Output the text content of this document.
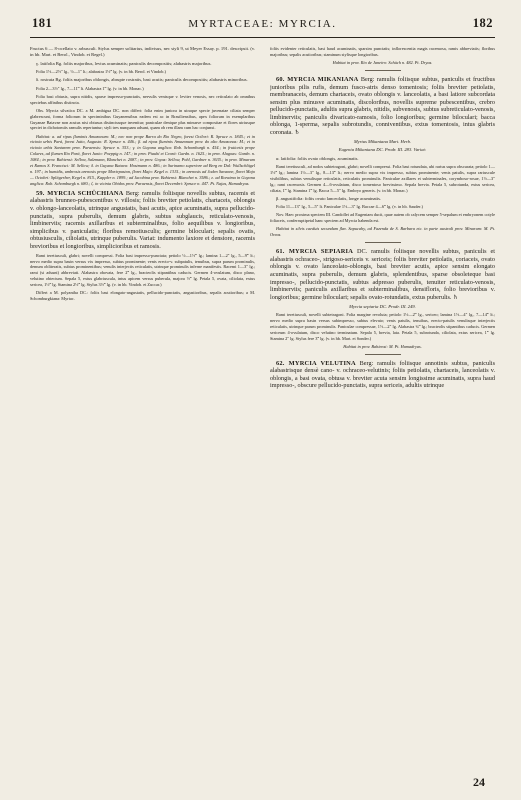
181	MYRTACEAE: MYRCIA.	182

Fructus 6 — 8-ocellato v. arbusculi. Stylus semper solitarius, indivisus, nec styli 9, ut Meyer Essay. p. 191. descripsit. (v. in hb. Mart. et Berol., Vindob. et Regel.)

γ. latifolia Bg. foliis majoribus, levius acuminatis; paniculis decompositis; alabastris majoribus.

Folia 1½—2½″ lg., ½—1″ lt.; alabastra 1½‴ lg. (v. in hb. Berol. et Vindob.)

δ. rostrata Bg. foliis majoribus oblongis, abrupte rostratis, basi acutis; paniculis decompositis; alabastris minoribus.

Folia 2—3½″ lg., 7—11‴ lt. Alabastra 1‴ lg. (v. in hb. Monac.)

Folia basi obtusis, supra nitidis, sparse impresso-punctatis, nervulis venisque v. leviter venosis, nec reticulato ab omnibus speciebus affinibus distincta.

Obs. Myrcia silvatica DC. a M. ambigua DC. non differt: folia enim juniora in utraque specie juvenatae ciliata semper glabrescunt, forma foliorum in speciminibus Guyanensibus eadem est ac in Brasiliensibus, apex foliorum in exemplaribus Guyanae Batavae non acutus nisi obtusus distinctusque invenitur; paniculae denique plus minusve compositae et flores utriusque speciei in dichotomiis ramulis reperiuntur; styli tres nunquam adsunt, quam ob rem illam cum hac conjunxi.

Habitat: a. ad ripas fluminis Amazonum: M.; nec non prope Barra do Rio Negro, forest Ocilori: R. Spruce n. 1845.; et in vicinia urbis Pará, forest Jutio, Augusto: R. Spruce n. 446.; β. ad ripas fluminis Amazonum prov. do alto Amazonas: M.; et in vicinia urbis Santarem prov. Paraensis: Spruce n. 353.; γ. in Guyana anglica: Rob. Schomburgk n. 454.; in fruticetis prope Colares, ad flumen Rio Pará, floret Junio: Poeppig n. 147.; in prov. Piauhí et Ceará: Gardn. n. 1625.; in prov. Alagoas: Gardn. n. 1084.; in prov. Bahiensi: Sellow, Salzmann, Blanchet n. 2087.; in prov. Goyaz: Sellow, Pohl, Gardner n. 3635.; in prov. Minarum et Ramos S. Francisci: M. Sellow; δ. in Guyana Batava: Hostmann n. 486.; in Surinamo superiore ad Berg en Dal: Wullschlägel n. 197.; in humidis, umbrosis arenosis prope Mariepaston, floret Majo: Kegel n. 1315.; in arenosis ad Joden Savanne, floret Majo — Octobri: Splitgerber, Kegel n. 815., Kappler n. 1899.; ad Jacobina prov. Bahiensi: Blanchet n. 3586.; ε. ad Roraima in Guyana anglica: Rob. Schomburgk n. 680.; ζ. in vicinia Obidos prov. Paraensis, floret Decembri: Spruce n. 447. Pt. Najas, Hamadryas.

59. MYRCIA SCHÜCHIANA Berg: ramulis foliisque novellis subtus, racemis et alabastris brunneo-pubescentibus v. villosis; foliis breviter petiolatis, chartaceis, oblongis v. oblongo-lanceolatis, utrinque angustatis, basi acutis, apice acuminatis, supra pellucido-punctatis, supra puberulis, demum glabris, subtus subglaucis, reticulato-venosis, limbinerviis; racemis axillaribus et subterminalibus, folio aequilibus v. longioribus, simplicibus v. paniculatis; floribus remotiusculis; germine biloculari; sepalis ovatis, obtusiusculis, ciliolatis, utrinque puberulis. Variat: indumento laxiore et densiore, racemis brevioribus et longioribus, simplicioribus et ramosis.

Rami teretiusculi, glabri; novelli compressi. Folia basi impresso-punctata; petiolo ½—1½‴ lg.; lamina 1—2″ lg., 5—9‴ lt.; nervo medio supra basin versus vix impresso, subtus prominente; venis erecto-v. subpatulis, tenuibus, supra parum prominulis, demum obliteratis, subtus prominentibus; venulis interjectis reticulatis, utrinque prominulis inferne manifestis. Racemi 1—3″ lg.; rami (si adsunt) abbreviati. Alabastra obovata, fere 2‴ lg., bracteolis stipantibus caducis. Germen 4-ovulatum, disco plano, velutino obtectum. Sepala 5, extus glabriuscula, intus apicem versus puberula, majora ½‴ lg. Petala 5, ovata, ciliolata, extus sericea, 1½‴ lg. Stamina 2½‴ lg. Stylus 3½‴ lg. (v. in hb. Vindob. et Zuccar.)

Differt a M. polyantha DC.: foliis basi elongato-angustatis, pellucido-punctatis, angustioribus, sepalis acutioribus; a M. Schomburgkiana: Myrtac.

foliis evidenter reticulatis, basi haud acuminatis, sparsim punctatis; inflorescentia magis racemosa, ramis abbreviatis; floribus majoribus; sepalis acutioribus; staminum stylisque longioribus.

Habitat in prov. Rio de Janeiro: Schüch n. 482. Pt. Dryas.

60. MYRCIA MIKANIANA Berg: ramulis foliisque subtus, paniculis et fructibus junioribus pilis rufis, demum fusco-atris denso tomentosis; foliis breviter petiolatis, membranaceis, demum chartaceis, ovato oblongis v. lanceolatis, a basi latiore subcordata sensim plus minusve acuminatis, discoloribus, novellis supreme pubescentibus, crebro pellucido-punctatis, adultis supra glabris, nitidis, subvenosis, subtus subreticulato-venosis, limbinerviis; paniculis divaricato-ramosis, folio longioribus; germine biloculari; bacca oblonga, 1-sperma, sepalis subrotundis, conniventibus, extus tomentosis, intus glabris coronata. ♄

Myrtus Mikaniana Mart. Herb.

Eugenia Mikaniana DC. Prodr. III. 283. Variat:

α. latifolia: foliis ovato oblongis, acuminatis.

Rami teretiusculi, ad nodos subtetragoni, glabri; novelli compressi. Folia basi rotundata, ubi rarius supra obscurata; petiolo 1—1½‴ lg.; lamina 1½—3″ lg., 8—13‴ lt.; nervo medio supra vix impresso, subtus prominente; venis patulis, supra rariuscule visibilibus, subtus venulisque reticulatis, reticulatis prominulis. Paniculae axillares et subterminales, corymboso-rosae, 1½—3″ lg.; rami racemosis. Germen 4—6-ovulatum, disco tomentoso brevissimo. Sepala brevia. Petala 5, subrotunda, extus sericea, ciliata, 1‴ lg. Stamina 1‴ lg. Bacca 5—5″ lg. Embryo generis. (v. in hb. Monac.)

β. angustifolia: foliis ovato lanceolatis, longe acuminatis.

Folia 11—13″ lg., 5—5″ lt. Paniculae 1½—3″ lg. Baccae 4—6‴ lg. (v. in hb. Sauder.)

Nov. Haec proxima speciem III. Candollei ad Eugeniam ducit, quae autem ob calycem semper 5-sepalum et embryonem cotyle foliaceis, conferruptipetal hanc speciem ad Myrcia habenda est.

Habitat in silvis caeduis secundum flav. Sapucahy, ad Fazenda de S. Barbara etc. in parte australi prov. Minarum: M. Pt. Oreas.

61. MYRCIA SEPIARIA DC. ramulis foliisque novellis subtus, paniculis et alabastris ochraceo-, strigoso-sericeis v. sericeis; foliis breviter petiolatis, coriaceis, ovato oblongis v. ovato lanceolato-oblongis, basi breviter acutis, apice sensim elongato acuminatis, supra puberulis, demum glabris, splendentibus, sparse obsoleteque basi impresso-, pellucido-punctatis, subtus adpresso puberulis, tenuiter reticulato-venosis, limbinerviis; paniculis axillaribus et subterminalibus, densifloris, folio brevioribus v. longioribus; germine biloculari; sepalis ovato-rotundatis, extus puberulis. ♄

Myrcia sepiaria DC. Prodr. III. 249.

Rami teretiusculi, novelli subtetragoni. Folia margine revoluta; petiolo 1½—2‴ lg., sericeo; lamina 1½—4″ lg., 7—14‴ lt.; nervo medio supra basin versus subimpresso, subtus elevato; venis patulis, tenuibus, erecto-patulis venulisque interjectis reticulatis, utrinque parum prominulis. Paniculae compressae, 1½—2″ lg. Alabastra ¾‴ lg.; bracteolis stipantibus caducis. Germen sericeum 4-ovulatum, disco velutino terminatum. Sepala 5, brevia, lata. Petala 5, subrotunda, ciliolata, extus sericea, 1‴ lg. Stamina 2″ lg. Stylus fere 3‴ lg. (v. in hb. Mart. et Sonder.)

Habitat in prov. Bahiensi: M. Pt. Hamadryas.

62. MYRCIA VELUTINA Berg: ramulis foliisque annotinis subtus, paniculis alabastrisque densè cano- v. ochraceo-velutinis; foliis petiolatis, chartaceis, lanceolatis v. oblongis, a basi ovata, obtusa v. breviter acuta sensim longissime acuminatis, supra haud impresso-, obscure pellucido-punctatis, supra sericeis, adultis utrinque

24
